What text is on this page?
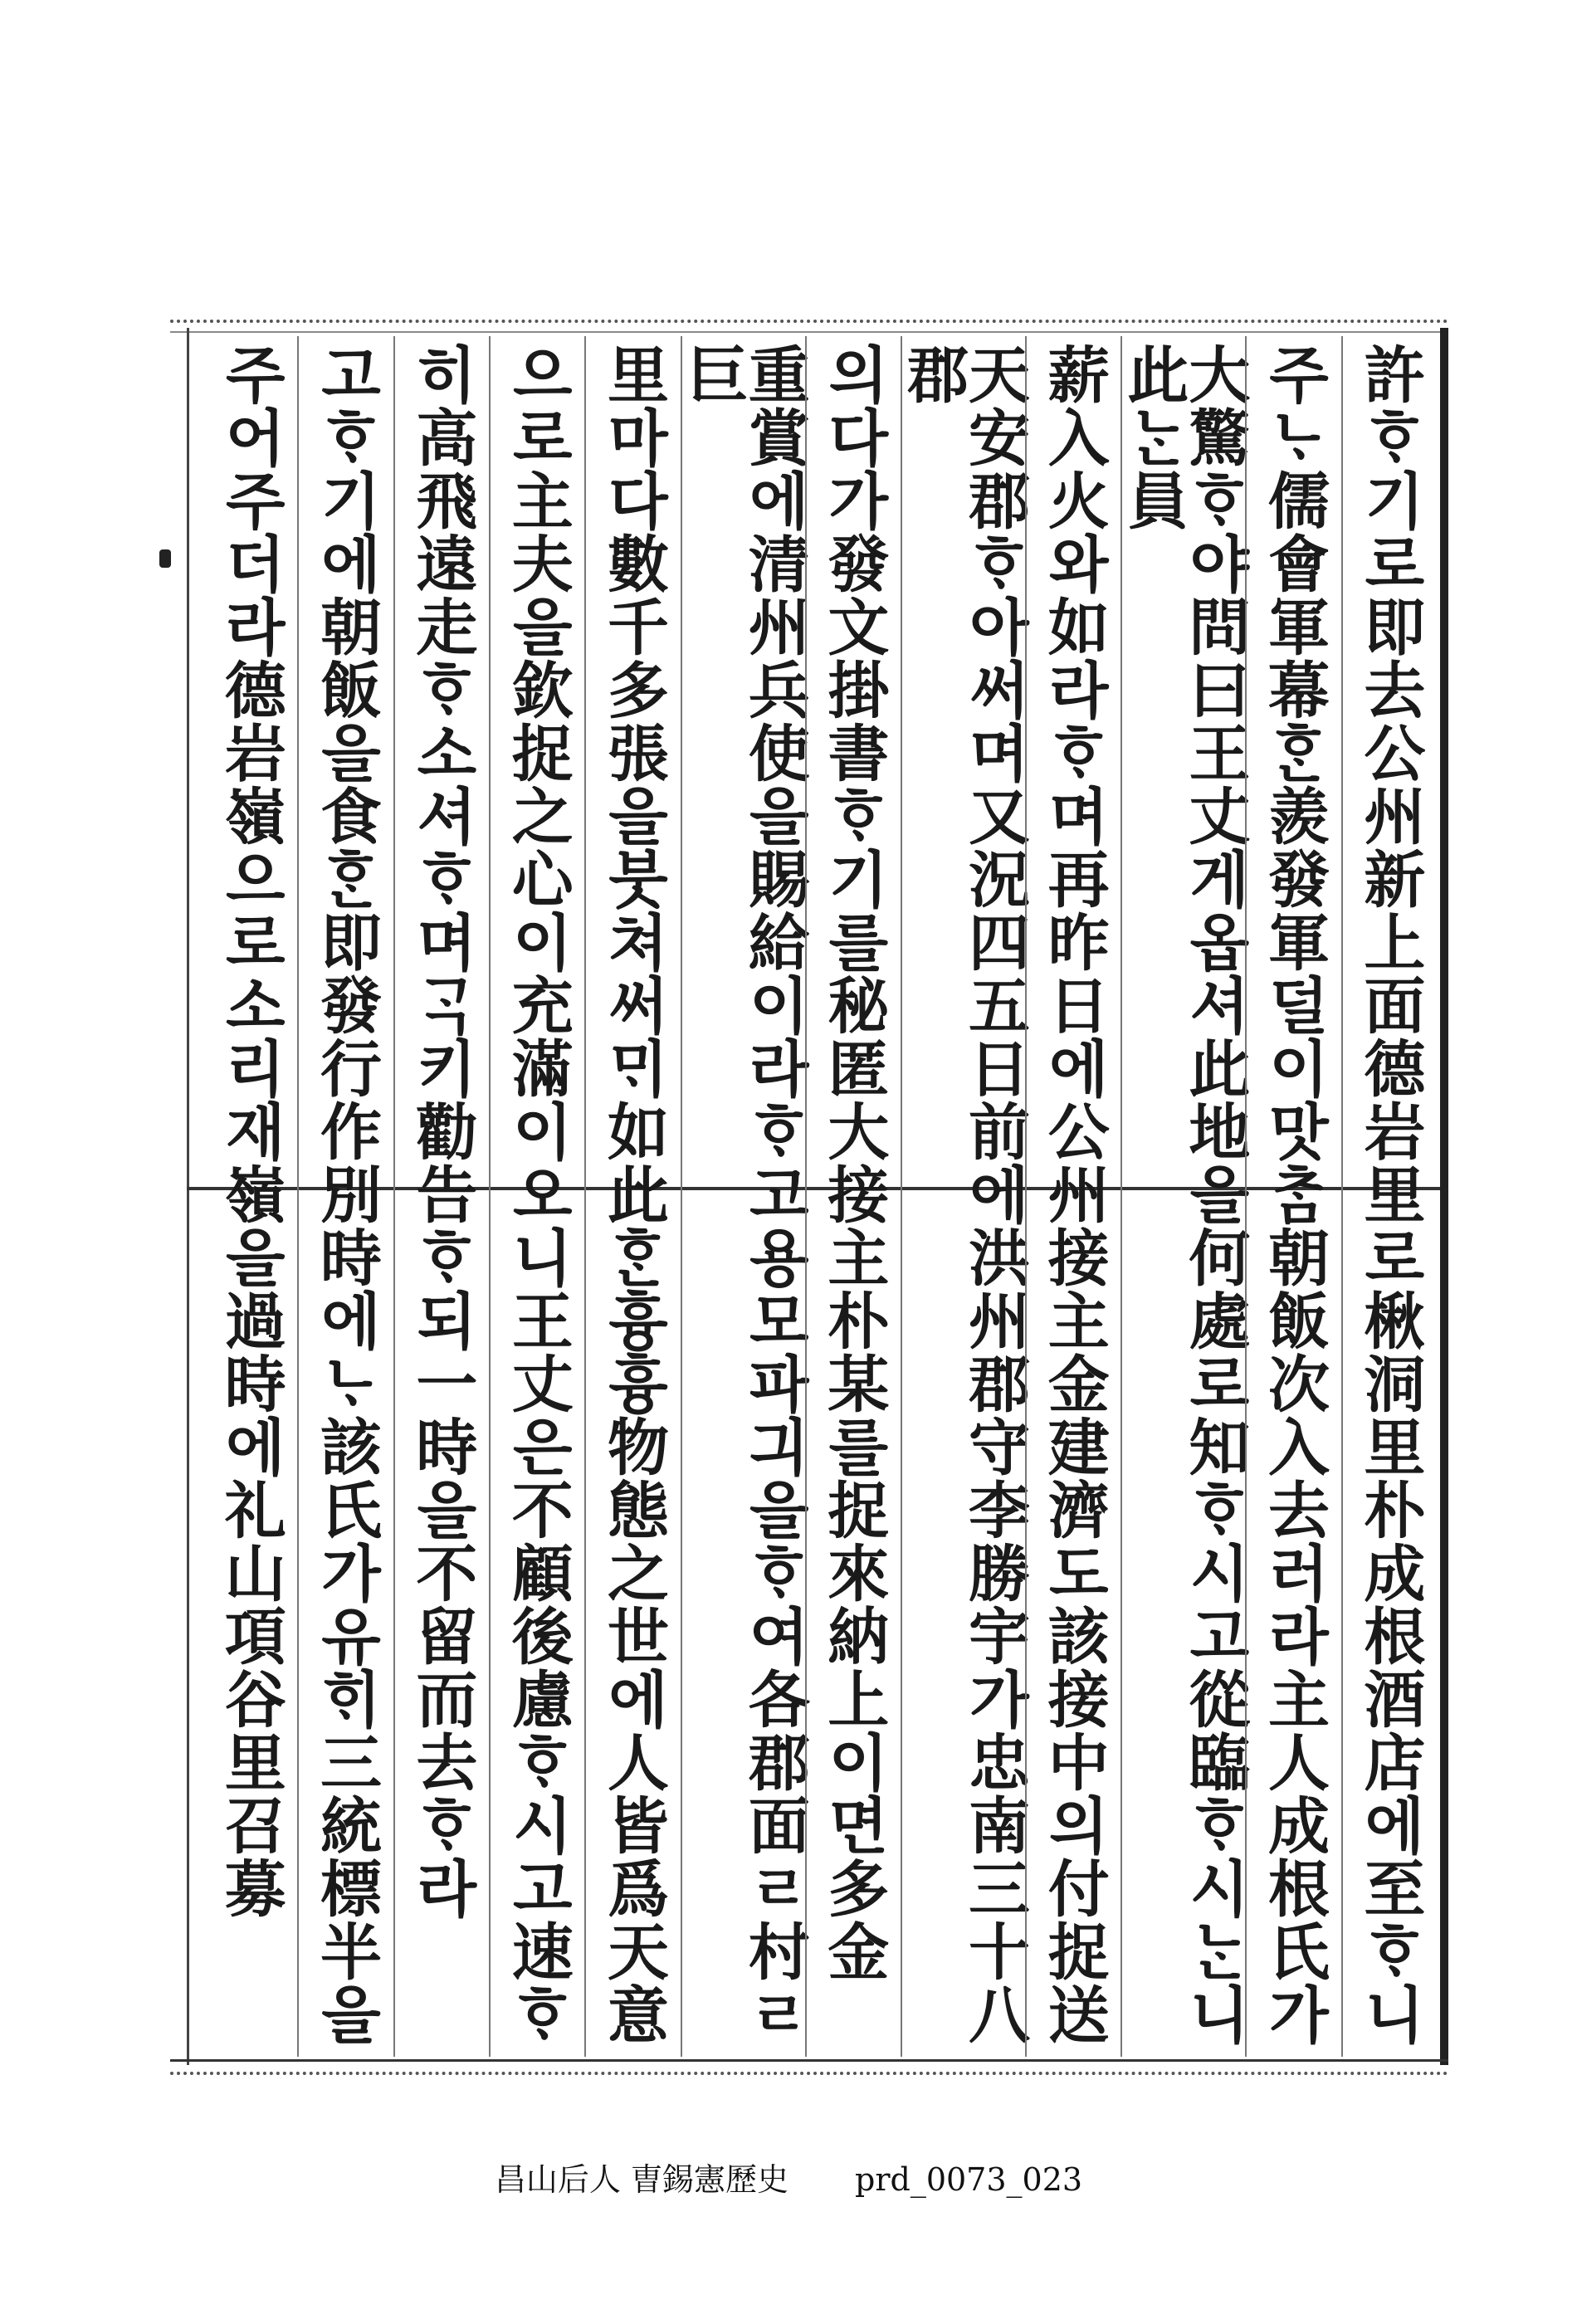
許ᄒᆞ기로即去公州新上面德岩里로楸洞里朴成根酒店에至ᄒᆞ니
주ᄂᆞ儒會軍幕ᄒᆞᆫ羨發軍덜이맛ᄎᆞᆷ朝飯次入去러라主人成根氏가
大驚ᄒᆞ야問曰王丈게옵셔此地을何處로知ᄒᆞ시고從臨ᄒᆞ시ᄂᆞᆫ니此ᄂᆞᆫ員
薪入火와如라ᄒᆞ며再昨日에公州接主金建濟도該接中의付捉送
天安郡ᄒᆞ아써며又況四五日前에洪州郡守李勝宇가忠南三十八郡
의다가發文掛書ᄒᆞ기를秘匿大接主朴某를捉來納上이면多金
重賞에清州兵使을賜給이라ᄒᆞ고용모파긔을ᄒᆞ여各郡面ㄹ村ㄹ巨
里마다數千多張을붓쳐써ᄆᆡ如此ᄒᆞᆫ흉흉物態之世에人皆爲天意
으로主夫을欽捉之心이充滿이오니王丈은不顧後慮ᄒᆞ시고速ᄒᆞ
히高飛遠走ᄒᆞ소셔ᄒᆞ며ᄀᆞᆨ키勸告ᄒᆞ되一時을不留而去ᄒᆞ라
고ᄒᆞ기에朝飯을食ᄒᆞᆫ即發行作別時에ᄂᆞ該氏가유ᄒᆡ三統標半을
주어주더라德岩嶺으로소리재嶺을過時에礼山項谷里召募
昌山后人 曺錫憲歷史 prd_0073_023
